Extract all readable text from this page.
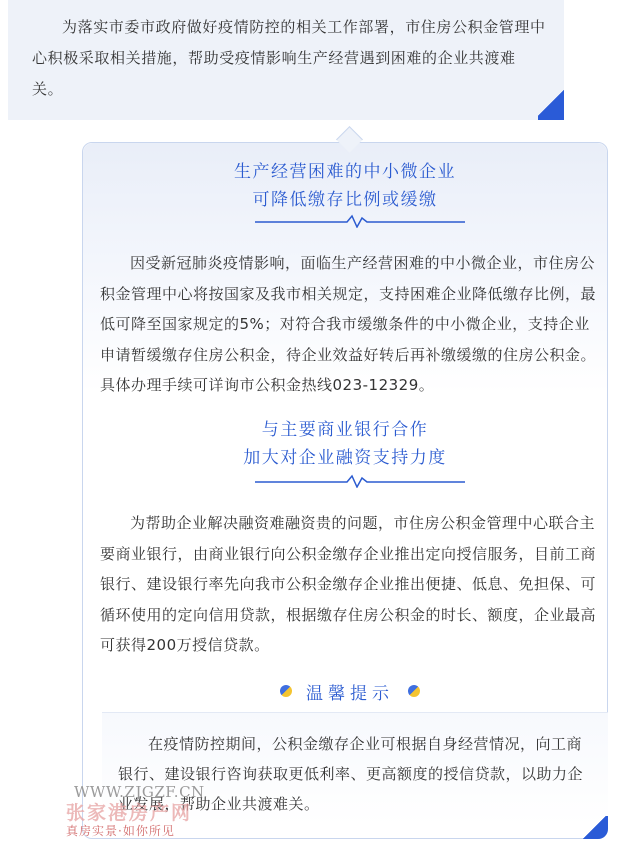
为落实市委市政府做好疫情防控的相关工作部署，市住房公积金管理中心积极采取相关措施，帮助受疫情影响生产经营遇到困难的企业共渡难关。
生产经营困难的中小微企业
可降低缴存比例或缓缴
因受新冠肺炎疫情影响，面临生产经营困难的中小微企业，市住房公积金管理中心将按国家及我市相关规定，支持困难企业降低缴存比例，最低可降至国家规定的5%；对符合我市缓缴条件的中小微企业，支持企业申请暂缓缴存住房公积金，待企业效益好转后再补缴缓缴的住房公积金。具体办理手续可详询市公积金热线023-12329。
与主要商业银行合作
加大对企业融资支持力度
为帮助企业解决融资难融资贵的问题，市住房公积金管理中心联合主要商业银行，由商业银行向公积金缴存企业推出定向授信服务，目前工商银行、建设银行率先向我市公积金缴存企业推出便捷、低息、免担保、可循环使用的定向信用贷款，根据缴存住房公积金的时长、额度，企业最高可获得200万授信贷款。
温馨提示
在疫情防控期间，公积金缴存企业可根据自身经营情况，向工商银行、建设银行咨询获取更低利率、更高额度的授信贷款，以助力企业发展，帮助企业共渡难关。
WWW.ZJGZF.CN
张家港房产网
真房实景·如你所见
